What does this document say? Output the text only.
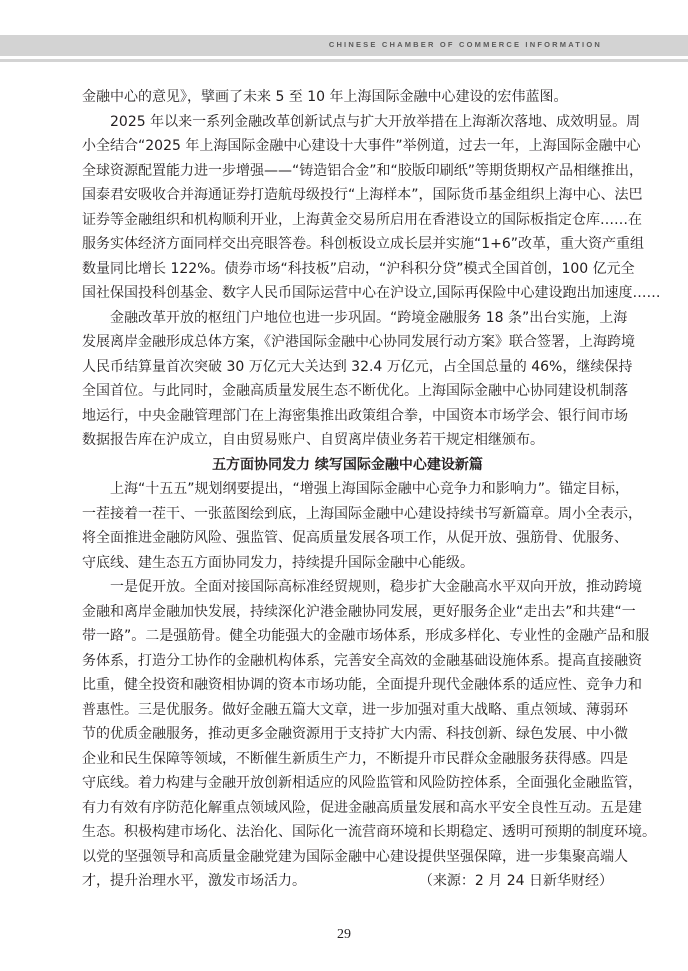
CHINESE CHAMBER OF COMMERCE INFORMATION
金融中心的意见》，擘画了未来 5 至 10 年上海国际金融中心建设的宏伟蓝图。
2025 年以来一系列金融改革创新试点与扩大开放举措在上海渐次落地、成效明显。周
小全结合“2025 年上海国际金融中心建设十大事件”举例道，过去一年，上海国际金融中心
全球资源配置能力进一步增强——“铸造铝合金”和“胶版印刷纸”等期货期权产品相继推出，
国泰君安吸收合并海通证券打造航母级投行“上海样本”，国际货币基金组织上海中心、法巴
证券等金融组织和机构顺利开业，上海黄金交易所启用在香港设立的国际板指定仓库……在
服务实体经济方面同样交出亮眼答卷。科创板设立成长层并实施“1+6”改革，重大资产重组
数量同比增长 122%。债券市场“科技板”启动，“沪科积分贷”模式全国首创，100 亿元全
国社保国投科创基金、数字人民币国际运营中心在沪设立,国际再保险中心建设跑出加速度……
金融改革开放的枢纽门户地位也进一步巩固。“跨境金融服务 18 条”出台实施，上海
发展离岸金融形成总体方案，《沪港国际金融中心协同发展行动方案》联合签署，上海跨境
人民币结算量首次突破 30 万亿元大关达到 32.4 万亿元，占全国总量的 46%，继续保持
全国首位。与此同时，金融高质量发展生态不断优化。上海国际金融中心协同建设机制落
地运行，中央金融管理部门在上海密集推出政策组合拳，中国资本市场学会、银行间市场
数据报告库在沪成立，自由贸易账户、自贸离岸债业务若干规定相继颁布。
五方面协同发力 续写国际金融中心建设新篇
上海“十五五”规划纲要提出，“增强上海国际金融中心竞争力和影响力”。锚定目标，
一茬接着一茬干、一张蓝图绘到底，上海国际金融中心建设持续书写新篇章。周小全表示，
将全面推进金融防风险、强监管、促高质量发展各项工作，从促开放、强筋骨、优服务、
守底线、建生态五方面协同发力，持续提升国际金融中心能级。
一是促开放。全面对接国际高标准经贸规则，稳步扩大金融高水平双向开放，推动跨境
金融和离岸金融加快发展，持续深化沪港金融协同发展，更好服务企业“走出去”和共建“一
带一路”。二是强筋骨。健全功能强大的金融市场体系，形成多样化、专业性的金融产品和服
务体系，打造分工协作的金融机构体系，完善安全高效的金融基础设施体系。提高直接融资
比重，健全投资和融资相协调的资本市场功能，全面提升现代金融体系的适应性、竞争力和
普惠性。三是优服务。做好金融五篇大文章，进一步加强对重大战略、重点领域、薄弱环
节的优质金融服务，推动更多金融资源用于支持扩大内需、科技创新、绿色发展、中小微
企业和民生保障等领域，不断催生新质生产力，不断提升市民群众金融服务获得感。四是
守底线。着力构建与金融开放创新相适应的风险监管和风险防控体系，全面强化金融监管，
有力有效有序防范化解重点领域风险，促进金融高质量发展和高水平安全良性互动。五是建
生态。积极构建市场化、法治化、国际化一流营商环境和长期稳定、透明可预期的制度环境。
以党的坚强领导和高质量金融党建为国际金融中心建设提供坚强保障，进一步集聚高端人
才，提升治理水平，激发市场活力。	（来源：2 月 24 日新华财经）
29
